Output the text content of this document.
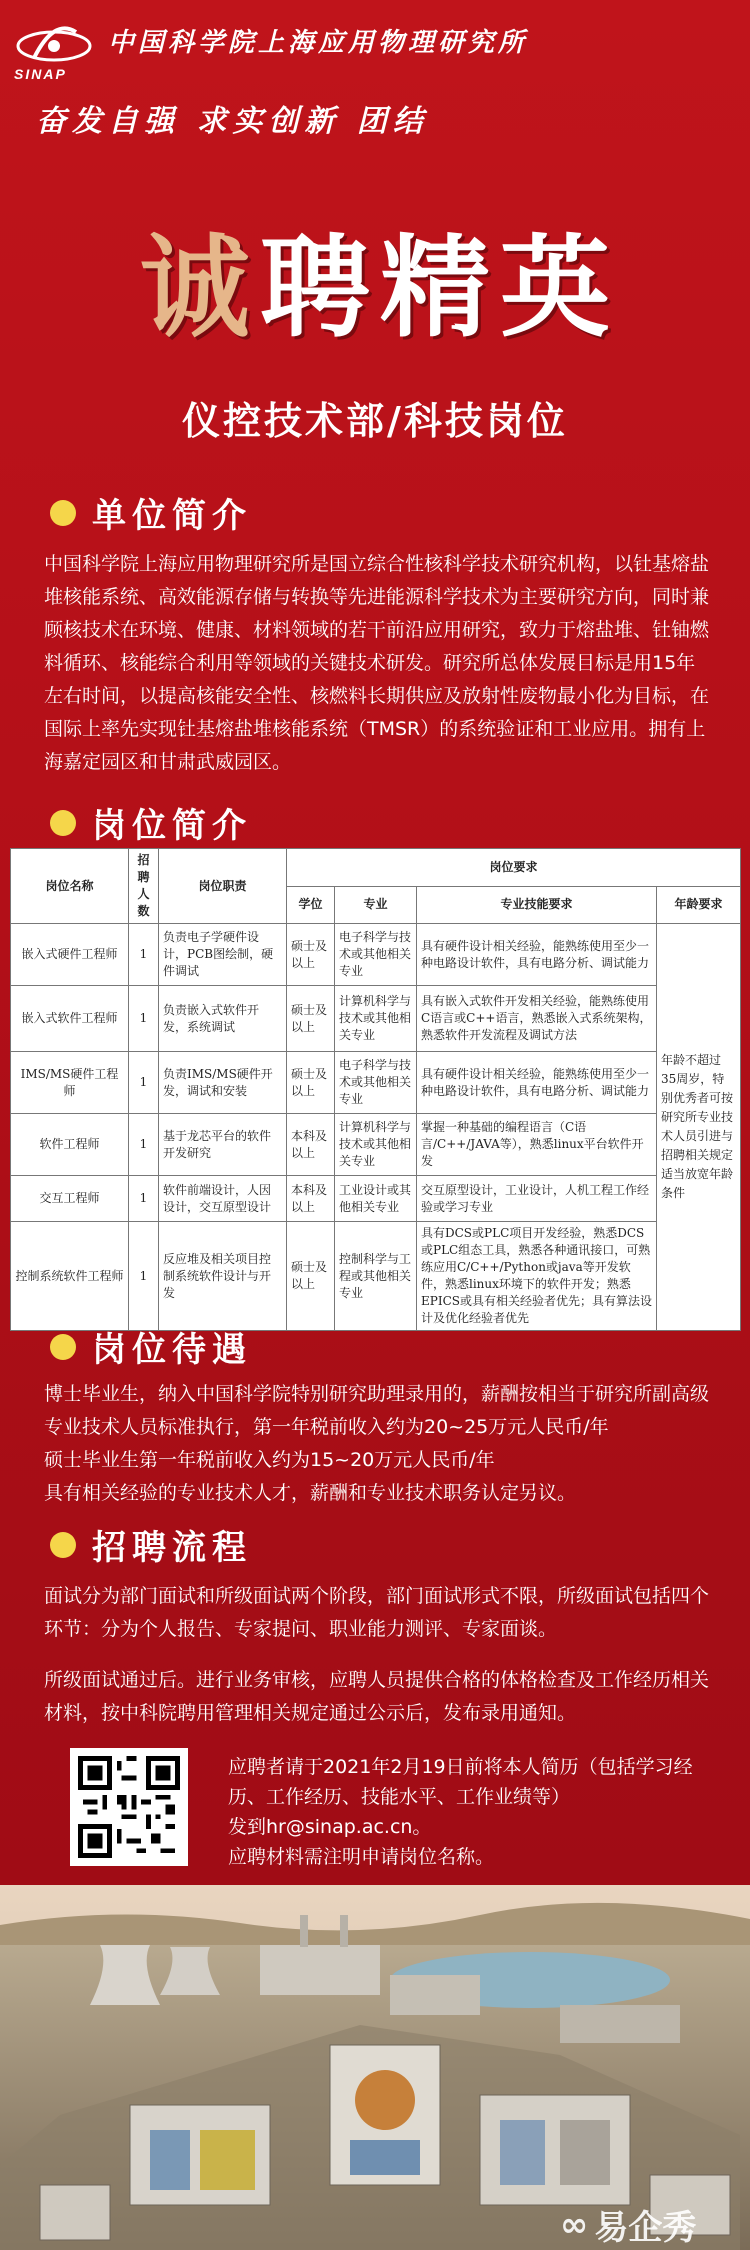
SINAP
中国科学院上海应用物理研究所
奋发自强 求实创新 团结
诚聘精英
仪控技术部/科技岗位
单位简介
中国科学院上海应用物理研究所是国立综合性核科学技术研究机构，以钍基熔盐堆核能系统、高效能源存储与转换等先进能源科学技术为主要研究方向，同时兼顾核技术在环境、健康、材料领域的若干前沿应用研究，致力于熔盐堆、钍铀燃料循环、核能综合利用等领域的关键技术研发。研究所总体发展目标是用15年左右时间，以提高核能安全性、核燃料长期供应及放射性废物最小化为目标，在国际上率先实现钍基熔盐堆核能系统（TMSR）的系统验证和工业应用。拥有上海嘉定园区和甘肃武威园区。
岗位简介
岗位名称	招聘人数	岗位职责	岗位要求			
			学位	专业	专业技能要求	年龄要求
嵌入式硬件工程师	1	负责电子学硬件设计，PCB图绘制，硬件调试	硕士及以上	电子科学与技术或其他相关专业	具有硬件设计相关经验，能熟练使用至少一种电路设计软件，具有电路分析、调试能力	年龄不超过35周岁，特别优秀者可按研究所专业技术人员引进与招聘相关规定适当放宽年龄条件
嵌入式软件工程师	1	负责嵌入式软件开发，系统调试	硕士及以上	计算机科学与技术或其他相关专业	具有嵌入式软件开发相关经验，能熟练使用C语言或C++语言，熟悉嵌入式系统架构，熟悉软件开发流程及调试方法	
IMS/MS硬件工程师	1	负责IMS/MS硬件开发，调试和安装	硕士及以上	电子科学与技术或其他相关专业	具有硬件设计相关经验，能熟练使用至少一种电路设计软件，具有电路分析、调试能力	
软件工程师	1	基于龙芯平台的软件开发研究	本科及以上	计算机科学与技术或其他相关专业	掌握一种基础的编程语言（C语言/C++/JAVA等），熟悉linux平台软件开发	
交互工程师	1	软件前端设计，人因设计，交互原型设计	本科及以上	工业设计或其他相关专业	交互原型设计，工业设计，人机工程工作经验或学习专业	
控制系统软件工程师	1	反应堆及相关项目控制系统软件设计与开发	硕士及以上	控制科学与工程或其他相关专业	具有DCS或PLC项目开发经验，熟悉DCS或PLC组态工具，熟悉各种通讯接口，可熟练应用C/C++/Python或java等开发软件，熟悉linux环境下的软件开发；熟悉EPICS或具有相关经验者优先；具有算法设计及优化经验者优先	
岗位待遇
博士毕业生，纳入中国科学院特别研究助理录用的，薪酬按相当于研究所副高级专业技术人员标准执行，第一年税前收入约为20~25万元人民币/年
硕士毕业生第一年税前收入约为15~20万元人民币/年
具有相关经验的专业技术人才，薪酬和专业技术职务认定另议。
招聘流程
面试分为部门面试和所级面试两个阶段，部门面试形式不限，所级面试包括四个环节：分为个人报告、专家提问、职业能力测评、专家面谈。
所级面试通过后。进行业务审核，应聘人员提供合格的体格检查及工作经历相关材料，按中科院聘用管理相关规定通过公示后，发布录用通知。
应聘者请于2021年2月19日前将本人简历（包括学习经历、工作经历、技能水平、工作业绩等）
发到hr@sinap.ac.cn。
应聘材料需注明申请岗位名称。
∞ 易企秀
